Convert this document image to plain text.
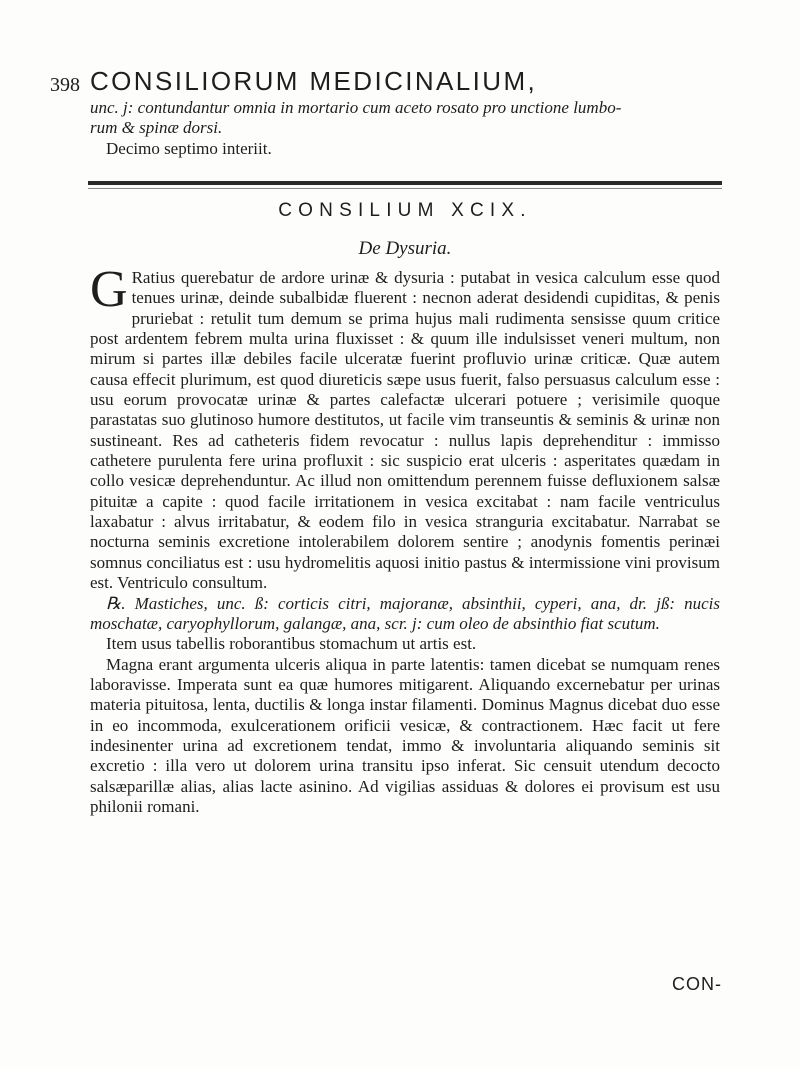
398 CONSILIORUM MEDICINALIUM,
unc. j: contundantur omnia in mortario cum aceto rosato pro unctione lumbo-
rum & spinæ dorsi.
Decimo septimo interiit.
CONSILIUM XCIX.
De Dysuria.

G Ratius querebatur de ardore urinæ & dysuria : putabat in vesica calculum esse quod tenues urinæ, deinde subalbidæ fluerent : necnon aderat desidendi cupiditas, & penis pruriebat : retulit tum demum se prima hujus mali rudimenta sensisse quum critice post ardentem febrem multa urina fluxisset : & quum ille indulsisset veneri multum, non mirum si partes illæ debiles facile ulceratæ fuerint profluvio urinæ criticæ. Quæ autem causa effecit plurimum, est quod diureticis sæpe usus fuerit, falso persuasus calculum esse : usu eorum provocatæ urinæ & partes calefactæ ulcerari potuere ; verisimile quoque parastatas suo glutinoso humore destitutos, ut facile vim transeuntis & seminis & urinæ non sustineant. Res ad catheteris fidem revocatur : nullus lapis deprehenditur : immisso cathetere purulenta fere urina profluxit : sic suspicio erat ulceris : asperitates quædam in collo vesicæ deprehenduntur. Ac illud non omittendum perennem fuisse defluxionem salsæ pituitæ a capite : quod facile irritationem in vesica excitabat : nam facile ventriculus laxabatur : alvus irritabatur, & eodem filo in vesica stranguria excitabatur. Narrabat se nocturna seminis excretione intolerabilem dolorem sentire ; anodynis fomentis perinæi somnus conciliatus est : usu hydromelitis aquosi initio pastus & intermissione vini provisum est. Ventriculo consultum.

℞. Mastiches, unc. ß: corticis citri, majoranæ, absinthii, cyperi, ana, dr. jß: nucis moschatæ, caryophyllorum, galangæ, ana, scr. j: cum oleo de absinthio fiat scutum.

Item usus tabellis roborantibus stomachum ut artis est.

Magna erant argumenta ulceris aliqua in parte latentis: tamen dicebat se numquam renes laboravisse. Imperata sunt ea quæ humores mitigarent. Aliquando excernebatur per urinas materia pituitosa, lenta, ductilis & longa instar filamenti. Dominus Magnus dicebat duo esse in eo incommoda, exulcerationem orificii vesicæ, & contractionem. Hæc facit ut fere indesinenter urina ad excretionem tendat, immo & involuntaria aliquando seminis sit excretio : illa vero ut dolorem urina transitu ipso inferat. Sic censuit utendum decocto salsæparillæ alias, alias lacte asinino. Ad vigilias assiduas & dolores ei provisum est usu philonii romani.

CON-
